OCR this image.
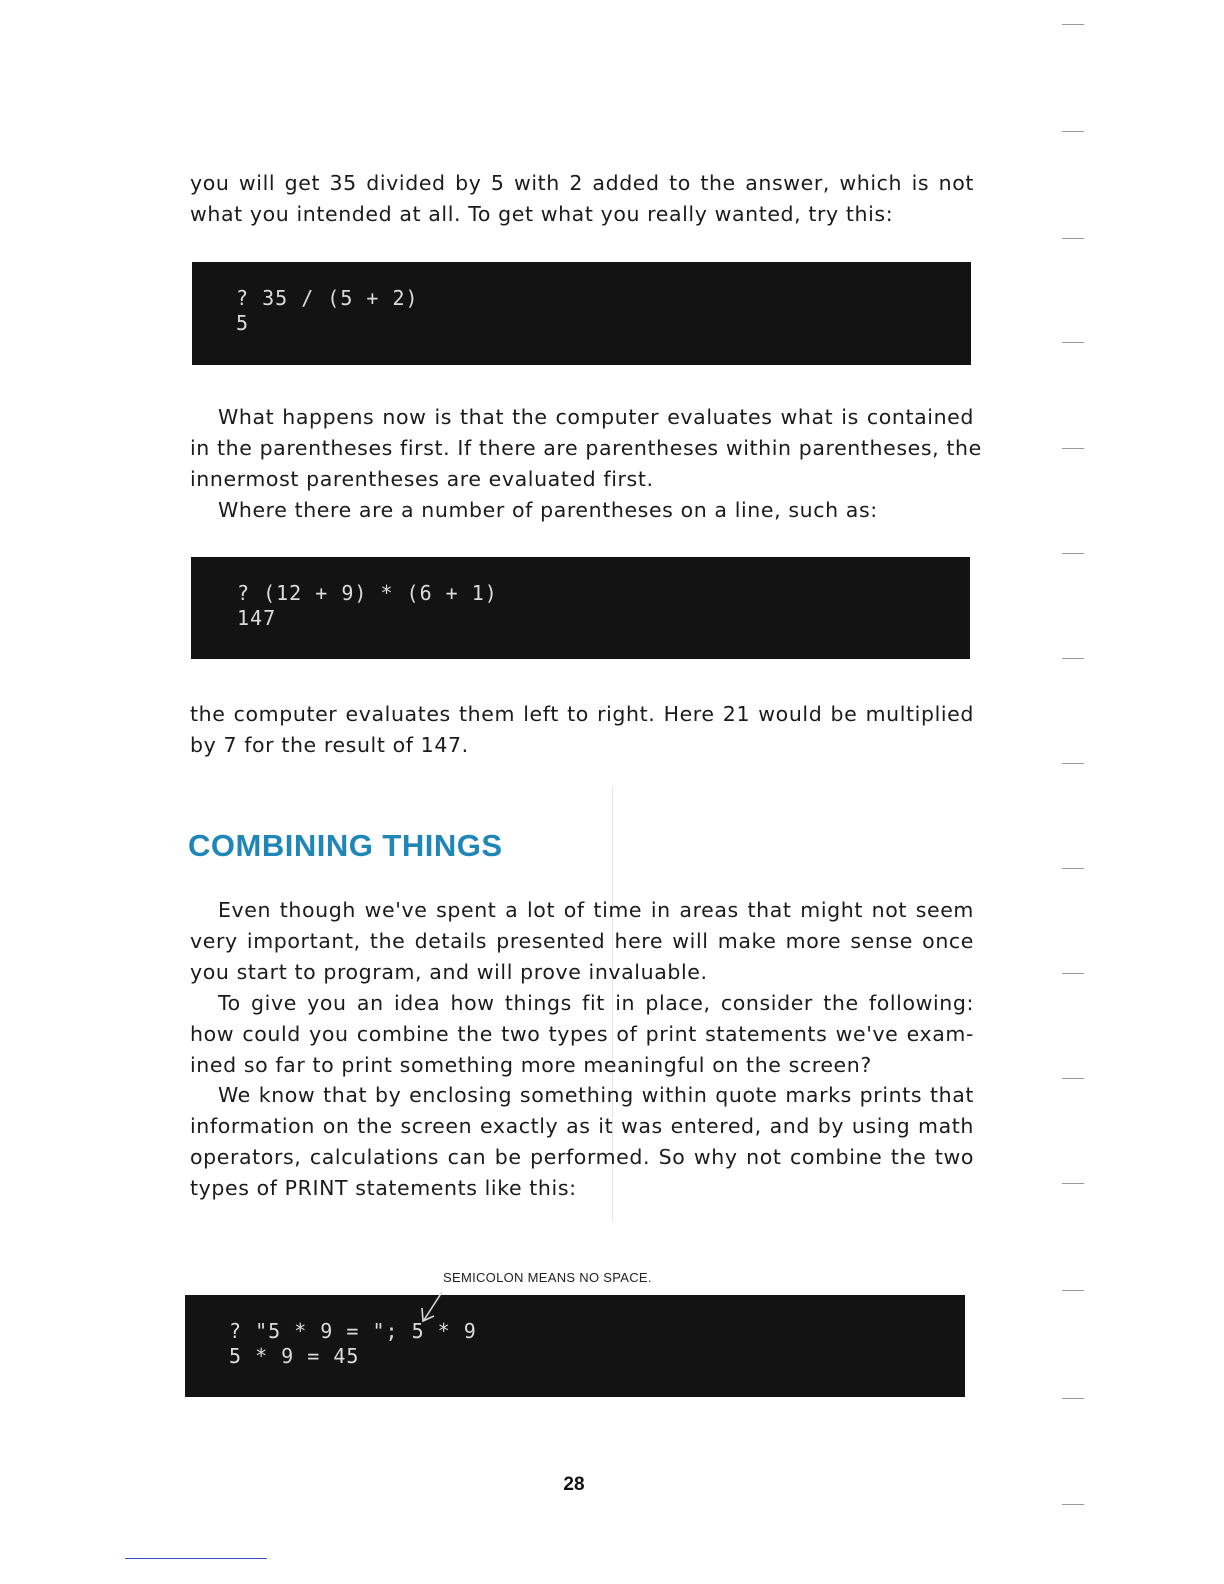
you will get 35 divided by 5 with 2 added to the answer, which is not
what you intended at all. To get what you really wanted, try this:
? 35 / (5 + 2)
5
What happens now is that the computer evaluates what is contained
in the parentheses first. If there are parentheses within parentheses, the
innermost parentheses are evaluated first.
Where there are a number of parentheses on a line, such as:
? (12 + 9) * (6 + 1)
147
the computer evaluates them left to right. Here 21 would be multiplied
by 7 for the result of 147.
COMBINING THINGS
Even though we've spent a lot of time in areas that might not seem
very important, the details presented here will make more sense once
you start to program, and will prove invaluable.
To give you an idea how things fit in place, consider the following:
how could you combine the two types of print statements we've exam-
ined so far to print something more meaningful on the screen?
We know that by enclosing something within quote marks prints that
information on the screen exactly as it was entered, and by using math
operators, calculations can be performed. So why not combine the two
types of PRINT statements like this:
SEMICOLON MEANS NO SPACE.
? "5 * 9 = "; 5 * 9
5 * 9 = 45
28
